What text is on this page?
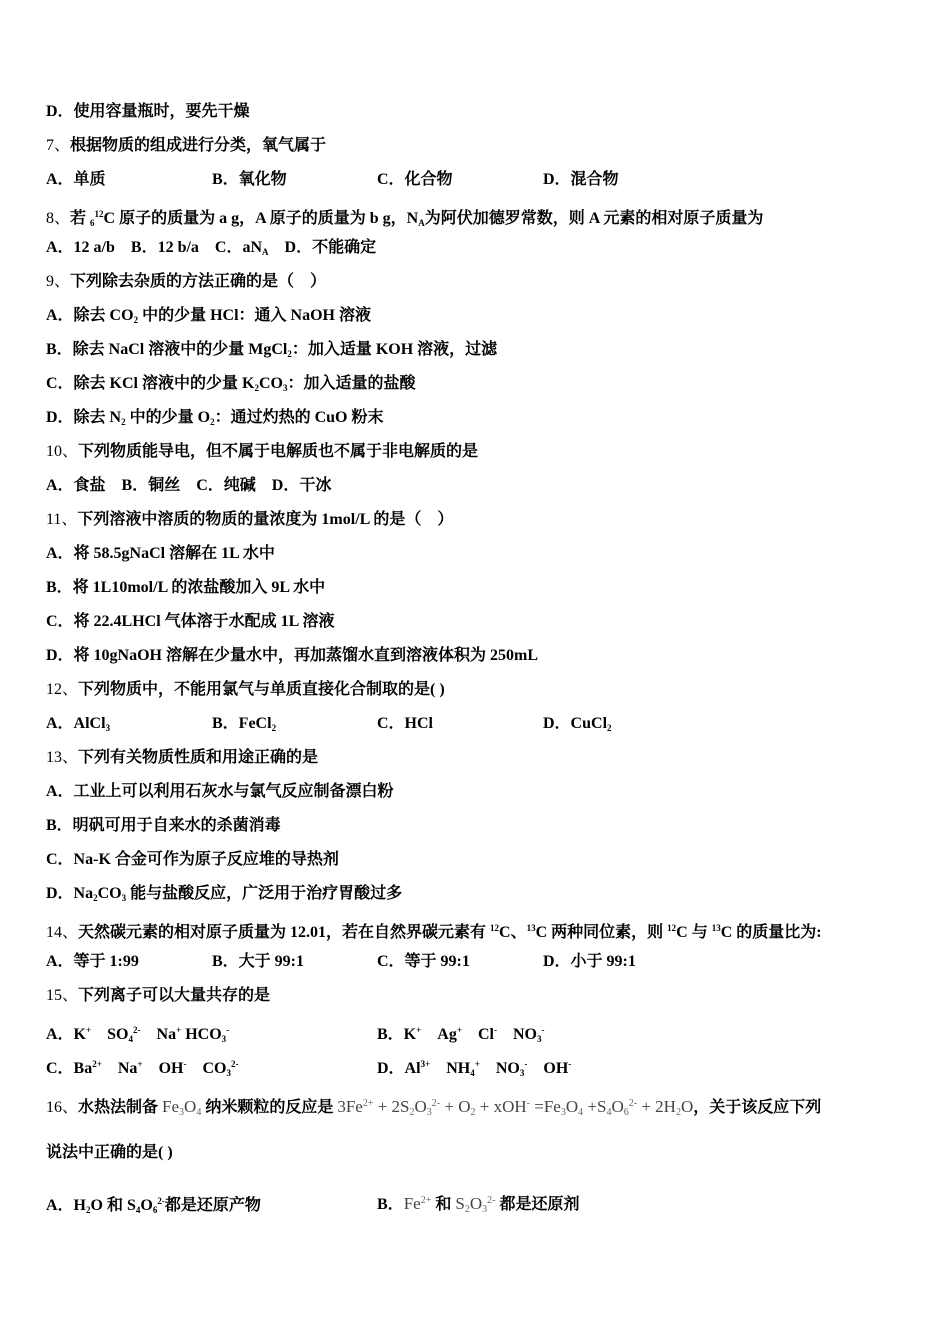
D．使用容量瓶时，要先干燥
7、根据物质的组成进行分类，氧气属于
A．单质	B．氧化物	C．化合物	D．混合物
8、若 $_6^{12}$C 原子的质量为 a g，A 原子的质量为 b g，$N_A$为阿伏加德罗常数，则 A 元素的相对原子质量为
A．12 a/b　B．12 b/a　C．$aN_A$　D．不能确定
9、下列除去杂质的方法正确的是（　）
A．除去 $CO_2$ 中的少量 HCl：通入 NaOH 溶液
B．除去 NaCl 溶液中的少量 MgCl$_2$：加入适量 KOH 溶液，过滤
C．除去 KCl 溶液中的少量 $K_2CO_3$：加入适量的盐酸
D．除去 $N_2$ 中的少量 $O_2$：通过灼热的 CuO 粉末
10、下列物质能导电，但不属于电解质也不属于非电解质的是
A．食盐　B．铜丝　C．纯碱　D．干冰
11、下列溶液中溶质的物质的量浓度为 1mol/L 的是（　）
A．将 58.5gNaCl 溶解在 1L 水中
B．将 1L10mol/L 的浓盐酸加入 9L 水中
C．将 22.4LHCl 气体溶于水配成 1L 溶液
D．将 10gNaOH 溶解在少量水中，再加蒸馏水直到溶液体积为 250mL
12、下列物质中，不能用氯气与单质直接化合制取的是( )
A．AlCl$_3$	B．FeCl$_2$	C．HCl	D．CuCl$_2$
13、下列有关物质性质和用途正确的是
A．工业上可以利用石灰水与氯气反应制备漂白粉
B．明矾可用于自来水的杀菌消毒
C．Na-K 合金可作为原子反应堆的导热剂
D．$Na_2CO_3$ 能与盐酸反应，广泛用于治疗胃酸过多
14、天然碳元素的相对原子质量为 12.01，若在自然界碳元素有 $^{12}$C、$^{13}$C 两种同位素，则 $^{12}$C 与 $^{13}$C 的质量比为:
A．等于 1:99	B．大于 99:1	C．等于 99:1	D．小于 99:1
15、下列离子可以大量共存的是
A．K+　$SO_4^{2-}$　Na+ $HCO_3^-$	B．K+　Ag+　Cl-　$NO_3^-$
C．$Ba^{2+}$　Na+　OH-　$CO_3^{2-}$	D．$Al^{3+}$　$NH_4^+$　$NO_3^-$　OH-
16、水热法制备 $Fe_3O_4$ 纳米颗粒的反应是 $3Fe^{2+} + 2S_2O_3^{2-} + O_2 + xOH^- =Fe_3O_4 +S_4O_6^{2-} + 2H_2O$，关于该反应下列
说法中正确的是( )
A．$H_2O$ 和 $S_4O_6^{2-}$都是还原产物	B．$Fe^{2+}$ 和 $S_2O_3^{2-}$ 都是还原剂
